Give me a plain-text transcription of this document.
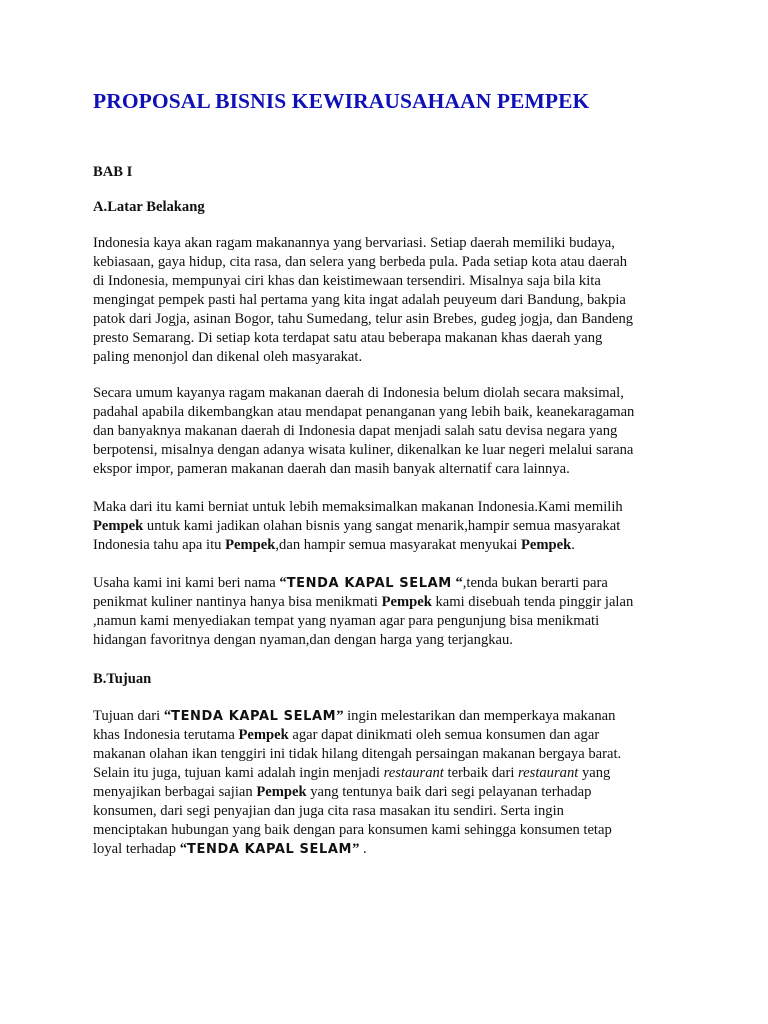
PROPOSAL BISNIS KEWIRAUSAHAAN PEMPEK
BAB I
A.Latar Belakang
Indonesia kaya akan ragam makanannya yang bervariasi. Setiap daerah memiliki budaya,
kebiasaan, gaya hidup, cita rasa, dan selera yang berbeda pula. Pada setiap kota atau daerah
di Indonesia, mempunyai ciri khas dan keistimewaan tersendiri. Misalnya saja bila kita
mengingat pempek pasti hal pertama yang kita ingat adalah peuyeum dari Bandung, bakpia
patok dari Jogja, asinan Bogor, tahu Sumedang, telur asin Brebes, gudeg jogja, dan Bandeng
presto Semarang. Di setiap kota terdapat satu atau beberapa makanan khas daerah yang
paling menonjol dan dikenal oleh masyarakat.
Secara umum kayanya ragam makanan daerah di Indonesia belum diolah secara maksimal,
padahal apabila dikembangkan atau mendapat penanganan yang lebih baik, keanekaragaman
dan banyaknya makanan daerah di Indonesia dapat menjadi salah satu devisa negara yang
berpotensi, misalnya dengan adanya wisata kuliner, dikenalkan ke luar negeri melalui sarana
ekspor impor, pameran makanan daerah dan masih banyak alternatif cara lainnya.
Maka dari itu kami berniat untuk lebih memaksimalkan makanan Indonesia.Kami memilih
Pempek untuk kami jadikan olahan bisnis yang sangat menarik,hampir semua masyarakat
Indonesia tahu apa itu Pempek,dan hampir semua masyarakat menyukai Pempek.
Usaha kami ini kami beri nama “TENDA KAPAL SELAM “,tenda bukan berarti para
penikmat kuliner nantinya hanya bisa menikmati Pempek kami disebuah tenda pinggir jalan
,namun kami menyediakan tempat yang nyaman agar para pengunjung bisa menikmati
hidangan favoritnya dengan nyaman,dan dengan harga yang terjangkau.
B.Tujuan
Tujuan dari “TENDA KAPAL SELAM” ingin melestarikan dan memperkaya makanan
khas Indonesia terutama Pempek agar dapat dinikmati oleh semua konsumen dan agar
makanan olahan ikan tenggiri ini tidak hilang ditengah persaingan makanan bergaya barat.
Selain itu juga, tujuan kami adalah ingin menjadi restaurant terbaik dari restaurant yang
menyajikan berbagai sajian Pempek yang tentunya baik dari segi pelayanan terhadap
konsumen, dari segi penyajian dan juga cita rasa masakan itu sendiri. Serta ingin
menciptakan hubungan yang baik dengan para konsumen kami sehingga konsumen tetap
loyal terhadap “TENDA KAPAL SELAM” .
